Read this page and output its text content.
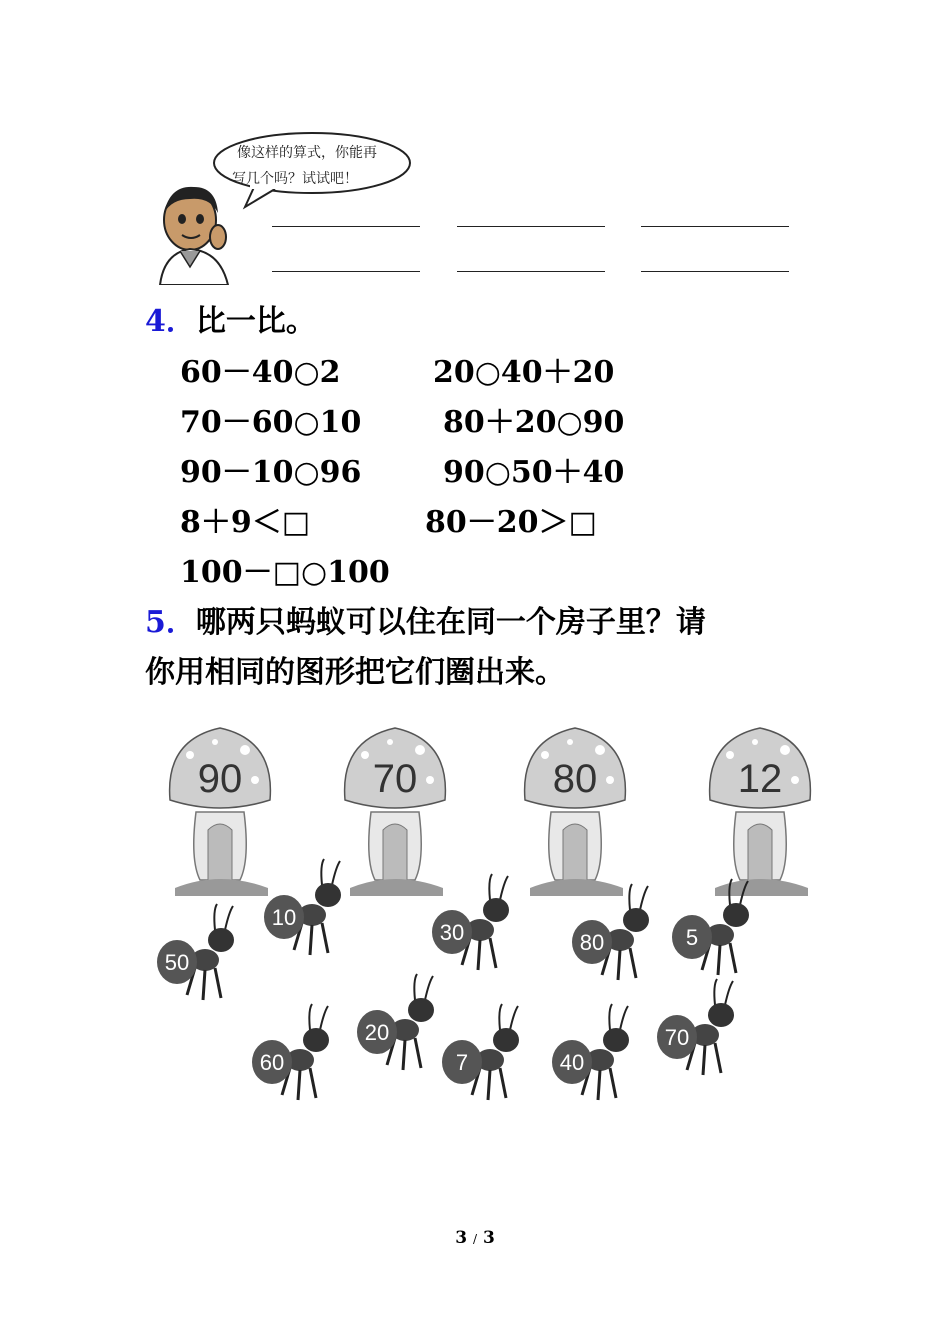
像这样的算式，你能再
写几个吗？试试吧！
4．比一比。
60－40○2	20○40＋20
70－60○10	80＋20○90
90－10○96	90○50＋40
8＋9＜□	80－20＞□
100－□○100
5．哪两只蚂蚁可以住在同一个房子里？请
你用相同的图形把它们圈出来。
90	70	80	12
50
10
30	80	5
60
20
7	40
70
3 / 3
